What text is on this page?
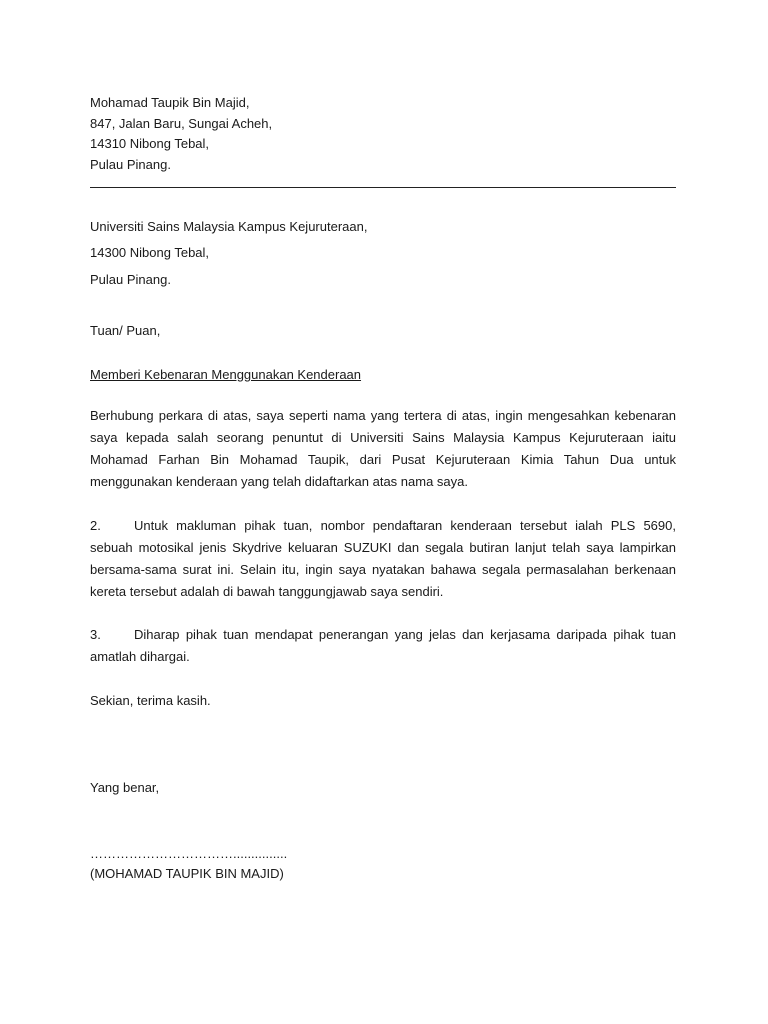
Mohamad Taupik Bin Majid,
847, Jalan Baru, Sungai Acheh,
14310 Nibong Tebal,
Pulau Pinang.
Universiti Sains Malaysia Kampus Kejuruteraan,
14300 Nibong Tebal,
Pulau Pinang.
Tuan/ Puan,
Memberi Kebenaran Menggunakan Kenderaan
Berhubung perkara di atas, saya seperti nama yang tertera di atas, ingin mengesahkan kebenaran saya kepada salah seorang penuntut di Universiti Sains Malaysia Kampus Kejuruteraan iaitu Mohamad Farhan Bin Mohamad Taupik, dari Pusat Kejuruteraan Kimia Tahun Dua untuk menggunakan kenderaan yang telah didaftarkan atas nama saya.
2.	Untuk makluman pihak tuan, nombor pendaftaran kenderaan tersebut ialah PLS 5690, sebuah motosikal jenis Skydrive keluaran SUZUKI dan segala butiran lanjut telah saya lampirkan bersama-sama surat ini. Selain itu, ingin saya nyatakan bahawa segala permasalahan berkenaan kereta tersebut adalah di bawah tanggungjawab saya sendiri.
3.	Diharap pihak tuan mendapat penerangan yang jelas dan kerjasama daripada pihak tuan amatlah dihargai.
Sekian, terima kasih.
Yang benar,
……………………………...............
(MOHAMAD TAUPIK BIN MAJID)
